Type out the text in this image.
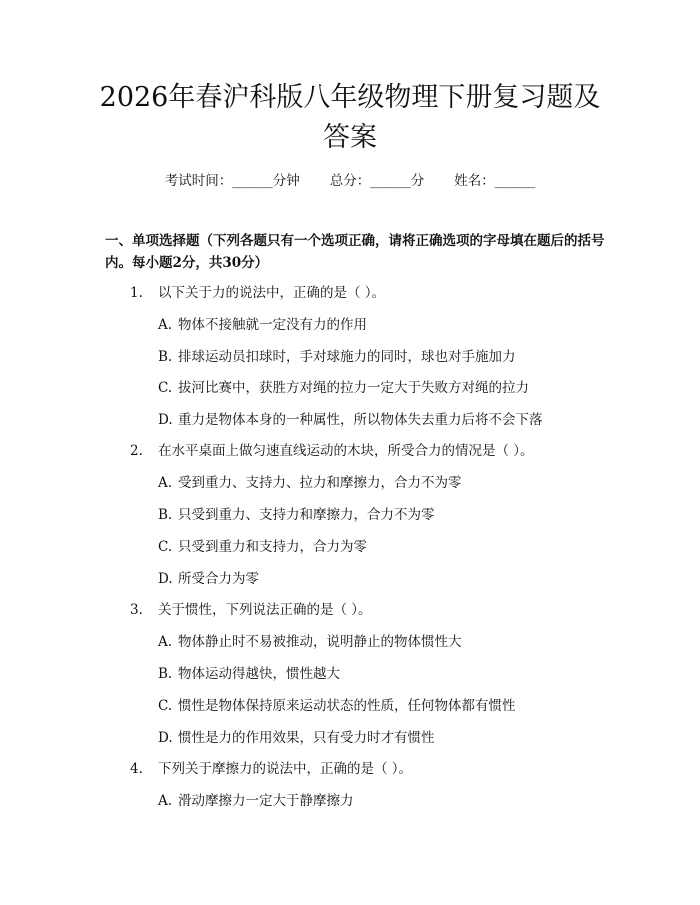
2026年春沪科版八年级物理下册复习题及答案
考试时间：______分钟 总分：______分 姓名：______

一、单项选择题（下列各题只有一个选项正确，请将正确选项的字母填在题后的括号内。每小题2分，共30分）

1. 以下关于力的说法中，正确的是（ ）。
A. 物体不接触就一定没有力的作用
B. 排球运动员扣球时，手对球施力的同时，球也对手施加力
C. 拔河比赛中，获胜方对绳的拉力一定大于失败方对绳的拉力
D. 重力是物体本身的一种属性，所以物体失去重力后将不会下落
2. 在水平桌面上做匀速直线运动的木块，所受合力的情况是（ ）。
A. 受到重力、支持力、拉力和摩擦力，合力不为零
B. 只受到重力、支持力和摩擦力，合力不为零
C. 只受到重力和支持力，合力为零
D. 所受合力为零
3. 关于惯性，下列说法正确的是（ ）。
A. 物体静止时不易被推动，说明静止的物体惯性大
B. 物体运动得越快，惯性越大
C. 惯性是物体保持原来运动状态的性质，任何物体都有惯性
D. 惯性是力的作用效果，只有受力时才有惯性
4. 下列关于摩擦力的说法中，正确的是（ ）。
A. 滑动摩擦力一定大于静摩擦力
